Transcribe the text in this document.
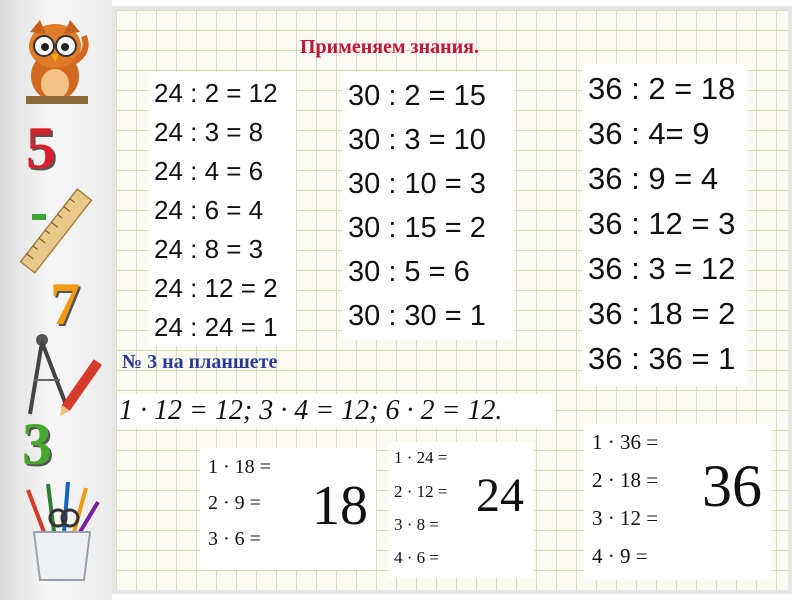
5
7
3
Применяем знания.
24 : 2 = 12
24 : 3 = 8
24 : 4 = 6
24 : 6 = 4
24 : 8 = 3
24 : 12 = 2
24 : 24 = 1
30 : 2 = 15
30 : 3 = 10
30 : 10 = 3
30 : 15 = 2
30 : 5 = 6
30 : 30 = 1
36 : 2 = 18
36 : 4= 9
36 : 9 = 4
36 : 12 = 3
36 : 3 = 12
36 : 18 = 2
36 : 36 = 1
№ 3 на планшете
1 · 12 = 12; 3 · 4 = 12; 6 · 2 = 12.
1 · 18 =
2 · 9 =
3 · 6 =
18
1 · 24 =
2 · 12 =
3 · 8 =
4 · 6 =
24
1 · 36 =
2 · 18 =
3 · 12 =
4 · 9 =
36
